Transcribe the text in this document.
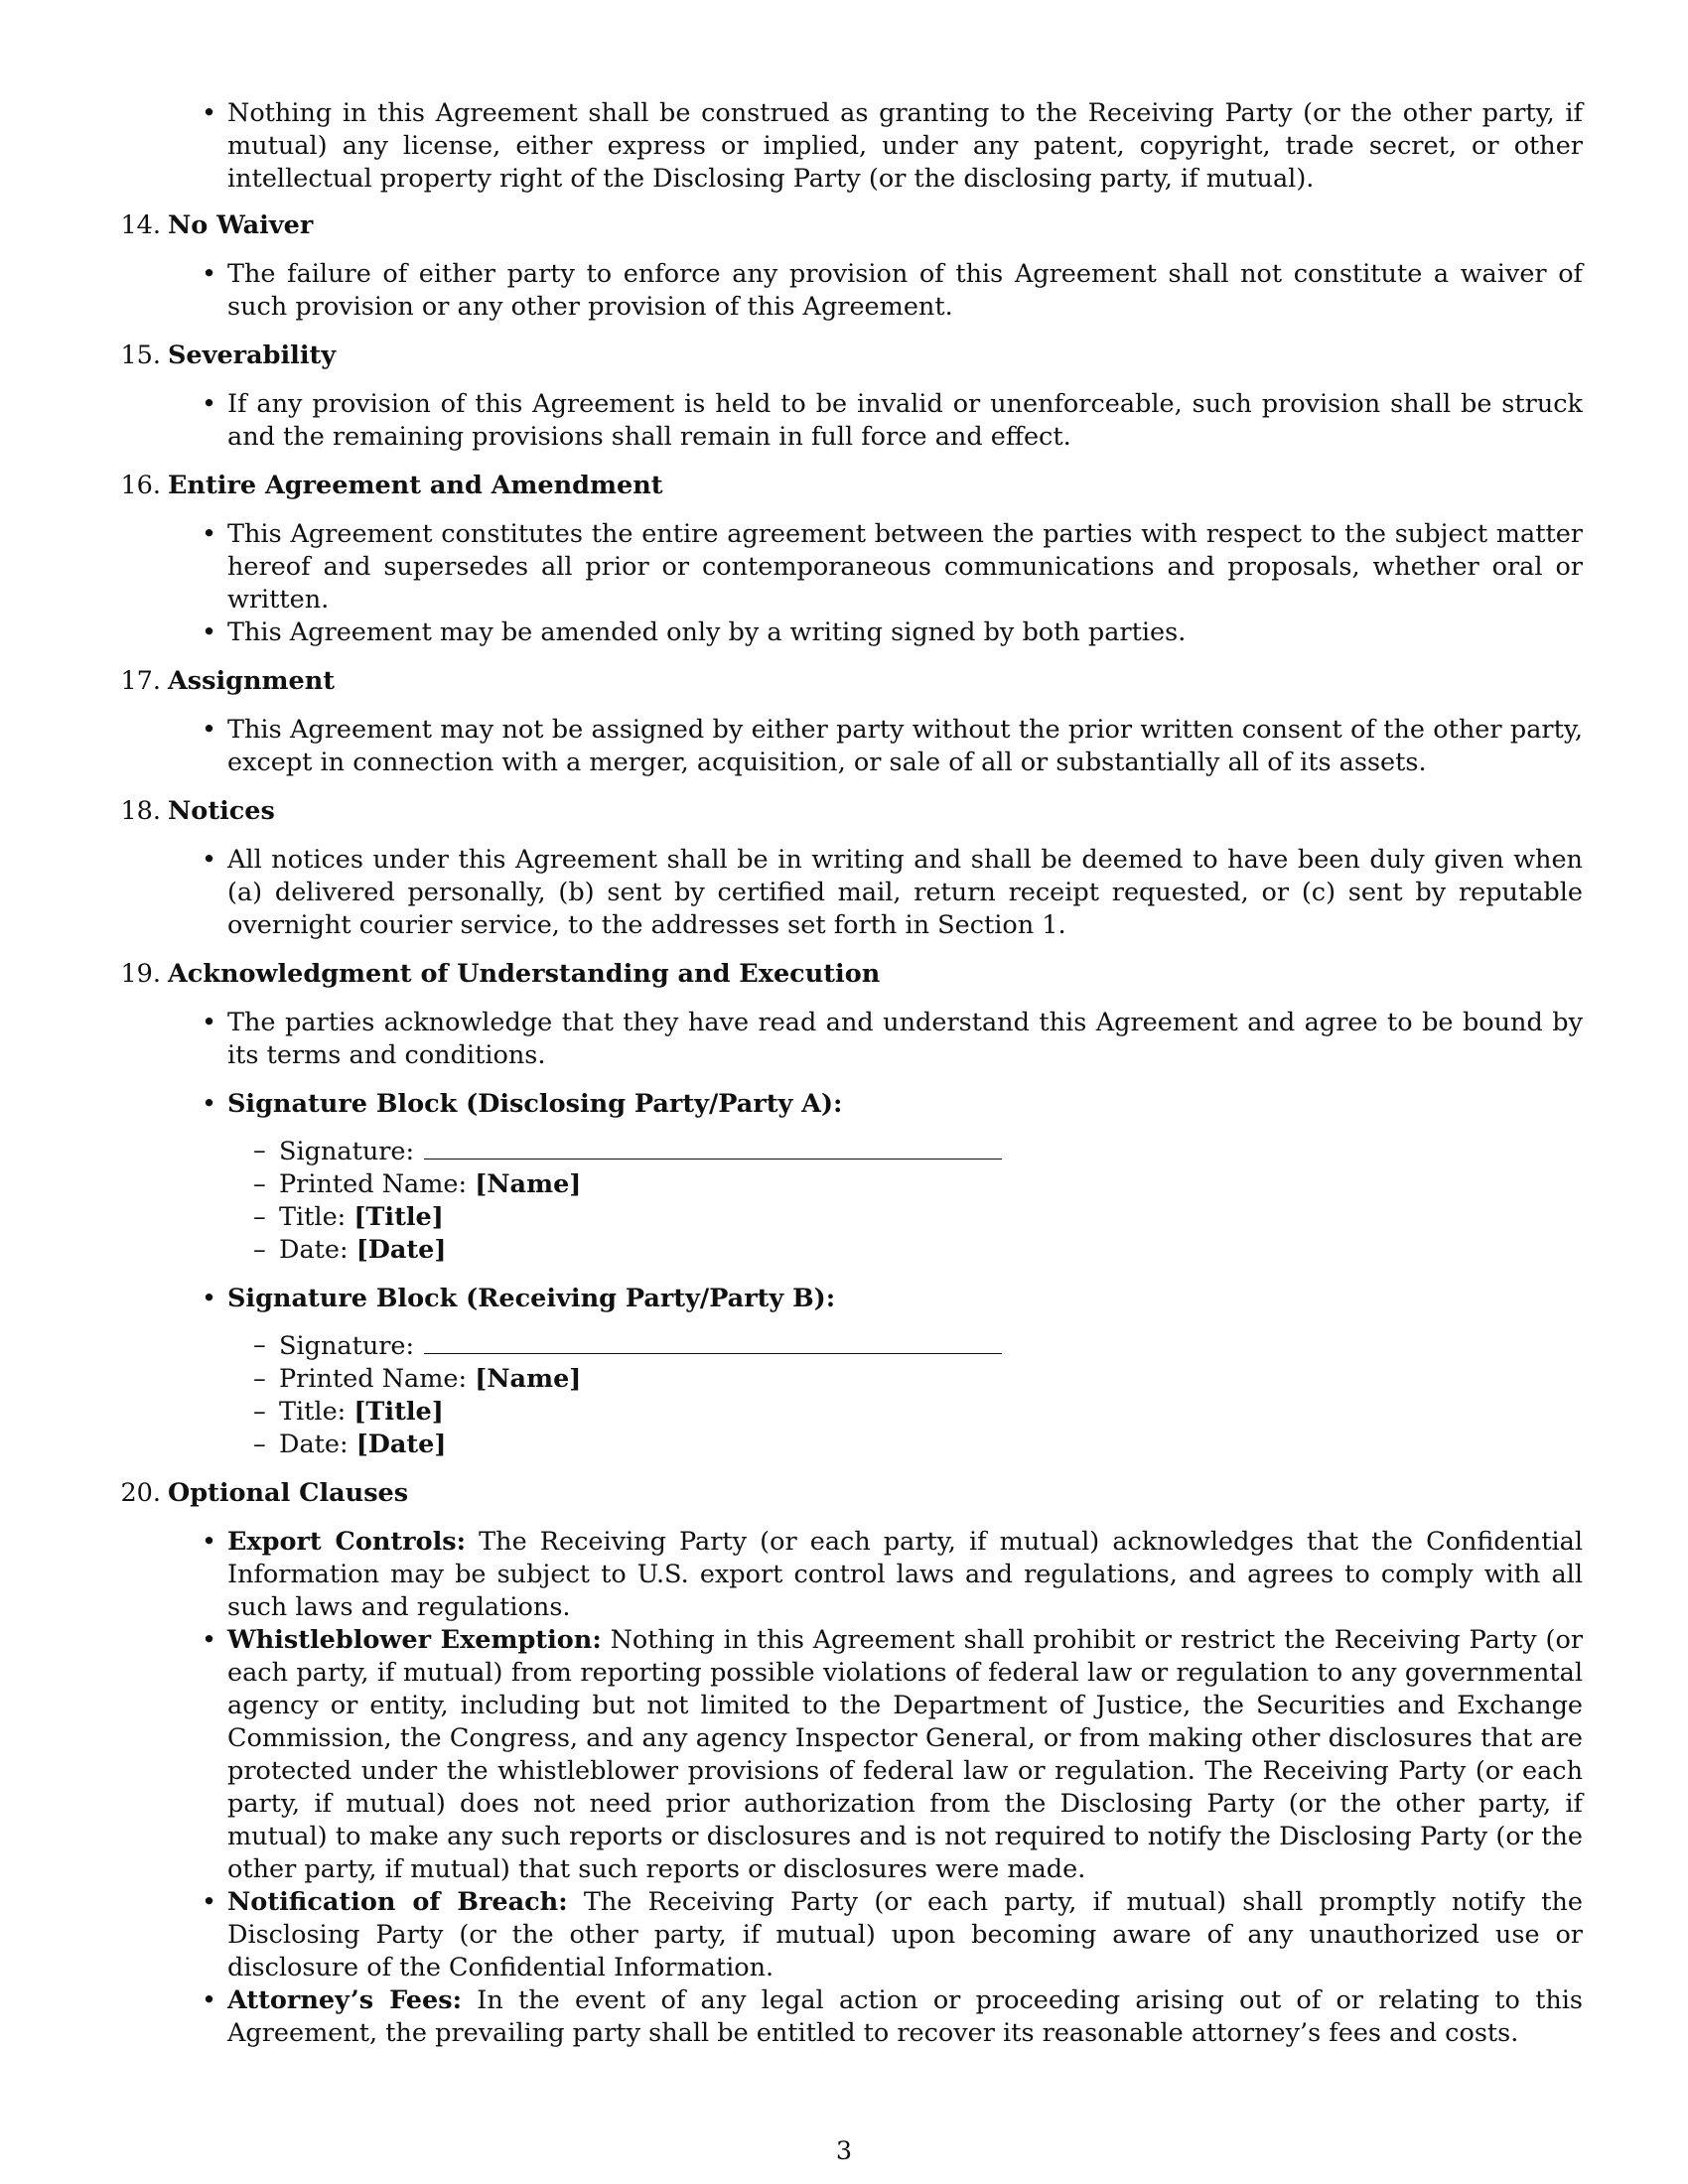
• Nothing in this Agreement shall be construed as granting to the Receiving Party (or the other party, if mutual) any license, either express or implied, under any patent, copyright, trade secret, or other intellectual property right of the Disclosing Party (or the disclosing party, if mutual).
14. No Waiver
• The failure of either party to enforce any provision of this Agreement shall not constitute a waiver of such provision or any other provision of this Agreement.
15. Severability
• If any provision of this Agreement is held to be invalid or unenforceable, such provision shall be struck and the remaining provisions shall remain in full force and effect.
16. Entire Agreement and Amendment
• This Agreement constitutes the entire agreement between the parties with respect to the subject matter hereof and supersedes all prior or contemporaneous communications and proposals, whether oral or written.
• This Agreement may be amended only by a writing signed by both parties.
17. Assignment
• This Agreement may not be assigned by either party without the prior written consent of the other party, except in connection with a merger, acquisition, or sale of all or substantially all of its assets.
18. Notices
• All notices under this Agreement shall be in writing and shall be deemed to have been duly given when (a) delivered personally, (b) sent by certified mail, return receipt requested, or (c) sent by reputable overnight courier service, to the addresses set forth in Section 1.
19. Acknowledgment of Understanding and Execution
• The parties acknowledge that they have read and understand this Agreement and agree to be bound by its terms and conditions.
• Signature Block (Disclosing Party/Party A):
– Signature:
– Printed Name: [Name]
– Title: [Title]
– Date: [Date]
• Signature Block (Receiving Party/Party B):
– Signature:
– Printed Name: [Name]
– Title: [Title]
– Date: [Date]
20. Optional Clauses
• Export Controls: The Receiving Party (or each party, if mutual) acknowledges that the Confidential Information may be subject to U.S. export control laws and regulations, and agrees to comply with all such laws and regulations.
• Whistleblower Exemption: Nothing in this Agreement shall prohibit or restrict the Receiving Party (or each party, if mutual) from reporting possible violations of federal law or regulation to any governmental agency or entity, including but not limited to the Department of Justice, the Securities and Exchange Commission, the Congress, and any agency Inspector General, or from making other disclosures that are protected under the whistleblower provisions of federal law or regulation. The Receiving Party (or each party, if mutual) does not need prior authorization from the Disclosing Party (or the other party, if mutual) to make any such reports or disclosures and is not required to notify the Disclosing Party (or the other party, if mutual) that such reports or disclosures were made.
• Notification of Breach: The Receiving Party (or each party, if mutual) shall promptly notify the Disclosing Party (or the other party, if mutual) upon becoming aware of any unauthorized use or disclosure of the Confidential Information.
• Attorney’s Fees: In the event of any legal action or proceeding arising out of or relating to this Agreement, the prevailing party shall be entitled to recover its reasonable attorney’s fees and costs.
3
